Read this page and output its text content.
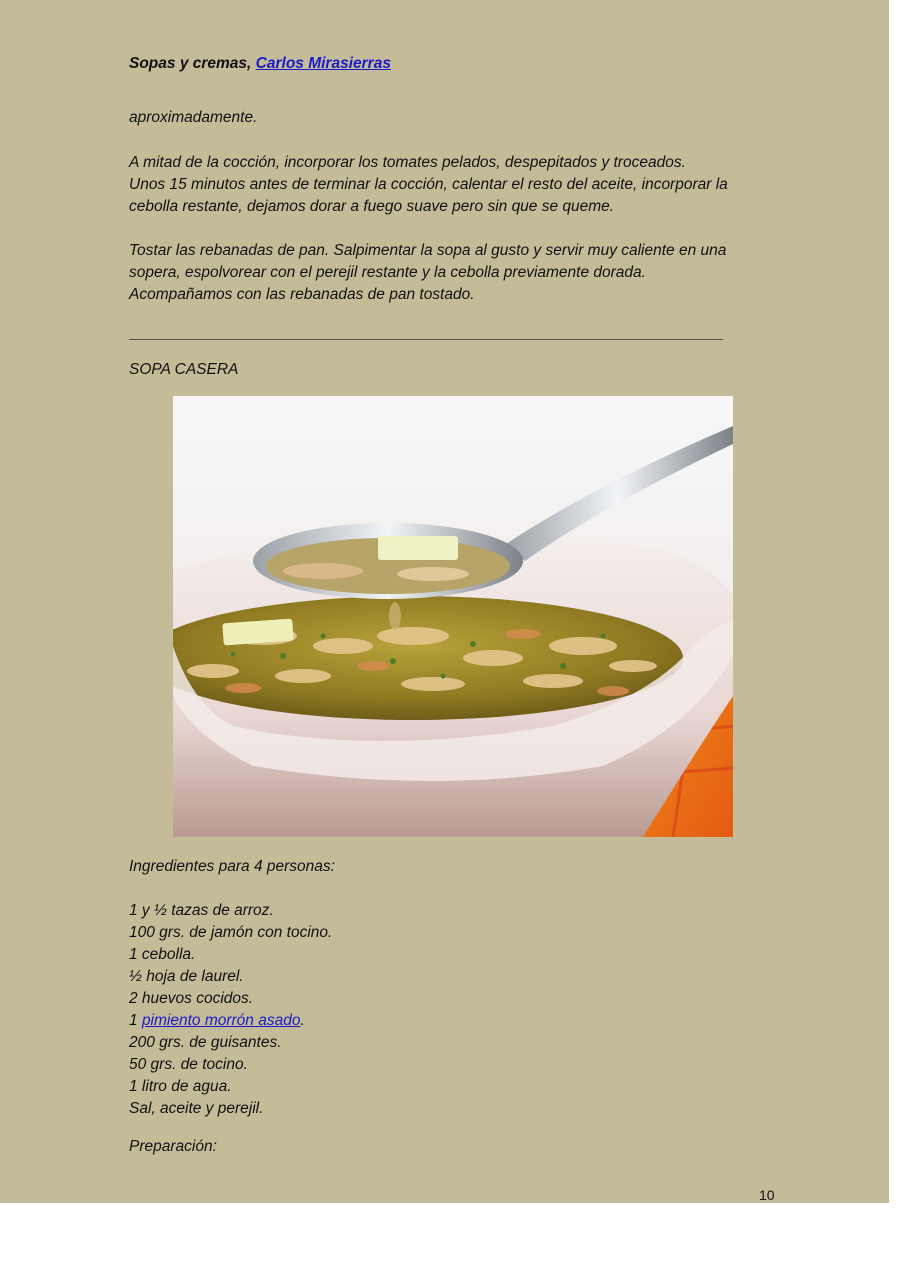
Sopas y cremas, Carlos Mirasierras
aproximadamente.
A mitad de la cocción, incorporar los tomates pelados, despepitados y troceados.
Unos 15 minutos antes de terminar la cocción, calentar el resto del aceite, incorporar la
cebolla restante, dejamos dorar a fuego suave pero sin que se queme.
Tostar las rebanadas de pan. Salpimentar la sopa al gusto y servir muy caliente en una
sopera, espolvorear con el perejil restante y la cebolla previamente dorada.
Acompañamos con las rebanadas de pan tostado.
SOPA CASERA
Ingredientes para 4 personas:
1 y ½ tazas de arroz.
100 grs. de jamón con tocino.
1 cebolla.
½ hoja de laurel.
2 huevos cocidos.
1 pimiento morrón asado.
200 grs. de guisantes.
50 grs. de tocino.
1 litro de agua.
Sal, aceite y perejil.
Preparación:
10
